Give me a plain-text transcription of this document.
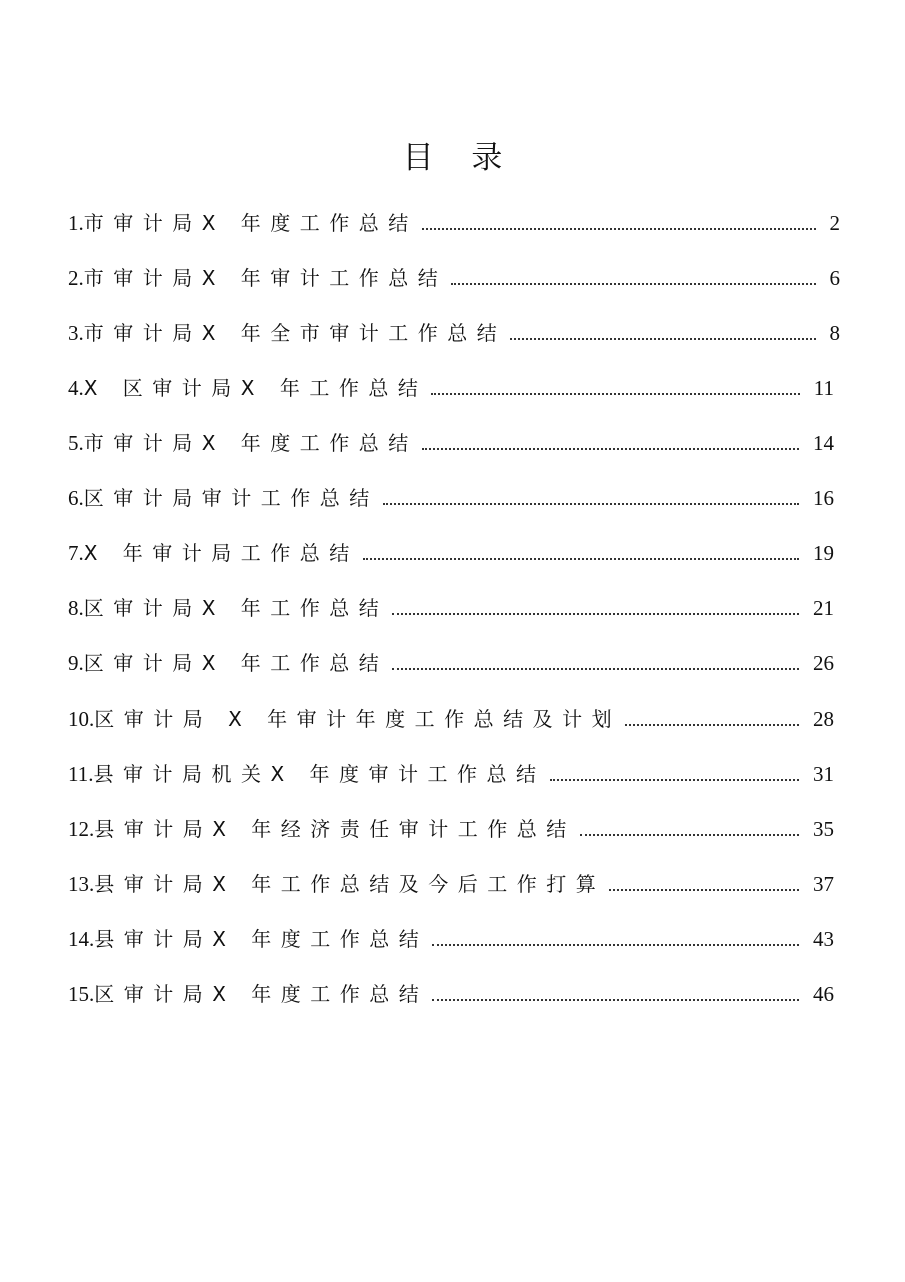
目 录
1. 市审计局X 年度工作总结	2
2. 市审计局X 年审计工作总结	6
3. 市审计局X 年全市审计工作总结	8
4. X 区审计局X 年工作总结	11
5. 市审计局X 年度工作总结	14
6. 区审计局审计工作总结	16
7. X 年审计局工作总结	19
8. 区审计局X 年工作总结	21
9. 区审计局X 年工作总结	26
10. 区审计局 X 年审计年度工作总结及计划	28
11. 县审计局机关X 年度审计工作总结	31
12. 县审计局X 年经济责任审计工作总结	35
13. 县审计局X 年工作总结及今后工作打算	37
14. 县审计局X 年度工作总结	43
15. 区审计局X 年度工作总结	46
